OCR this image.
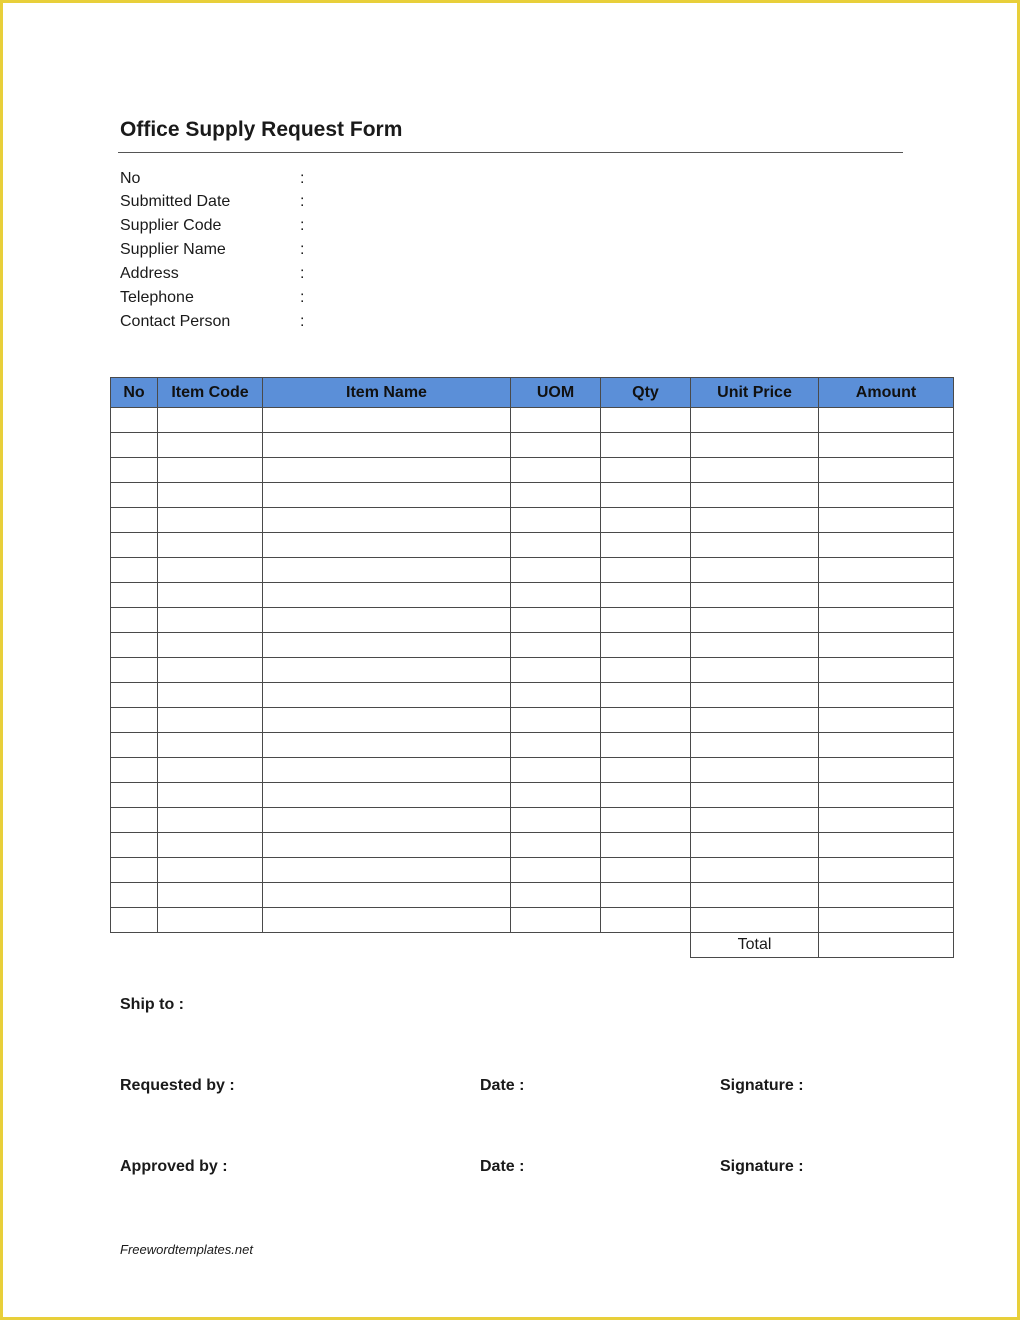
Office Supply Request Form
No	:
Submitted Date	:
Supplier Code	:
Supplier Name	:
Address	:
Telephone	:
Contact Person	:
No	Item Code	Item Name	UOM	Qty	Unit Price	Amount

					Total	
Ship to :
Requested by :	Date :	Signature :
Approved by :	Date :	Signature :
Freewordtemplates.net
